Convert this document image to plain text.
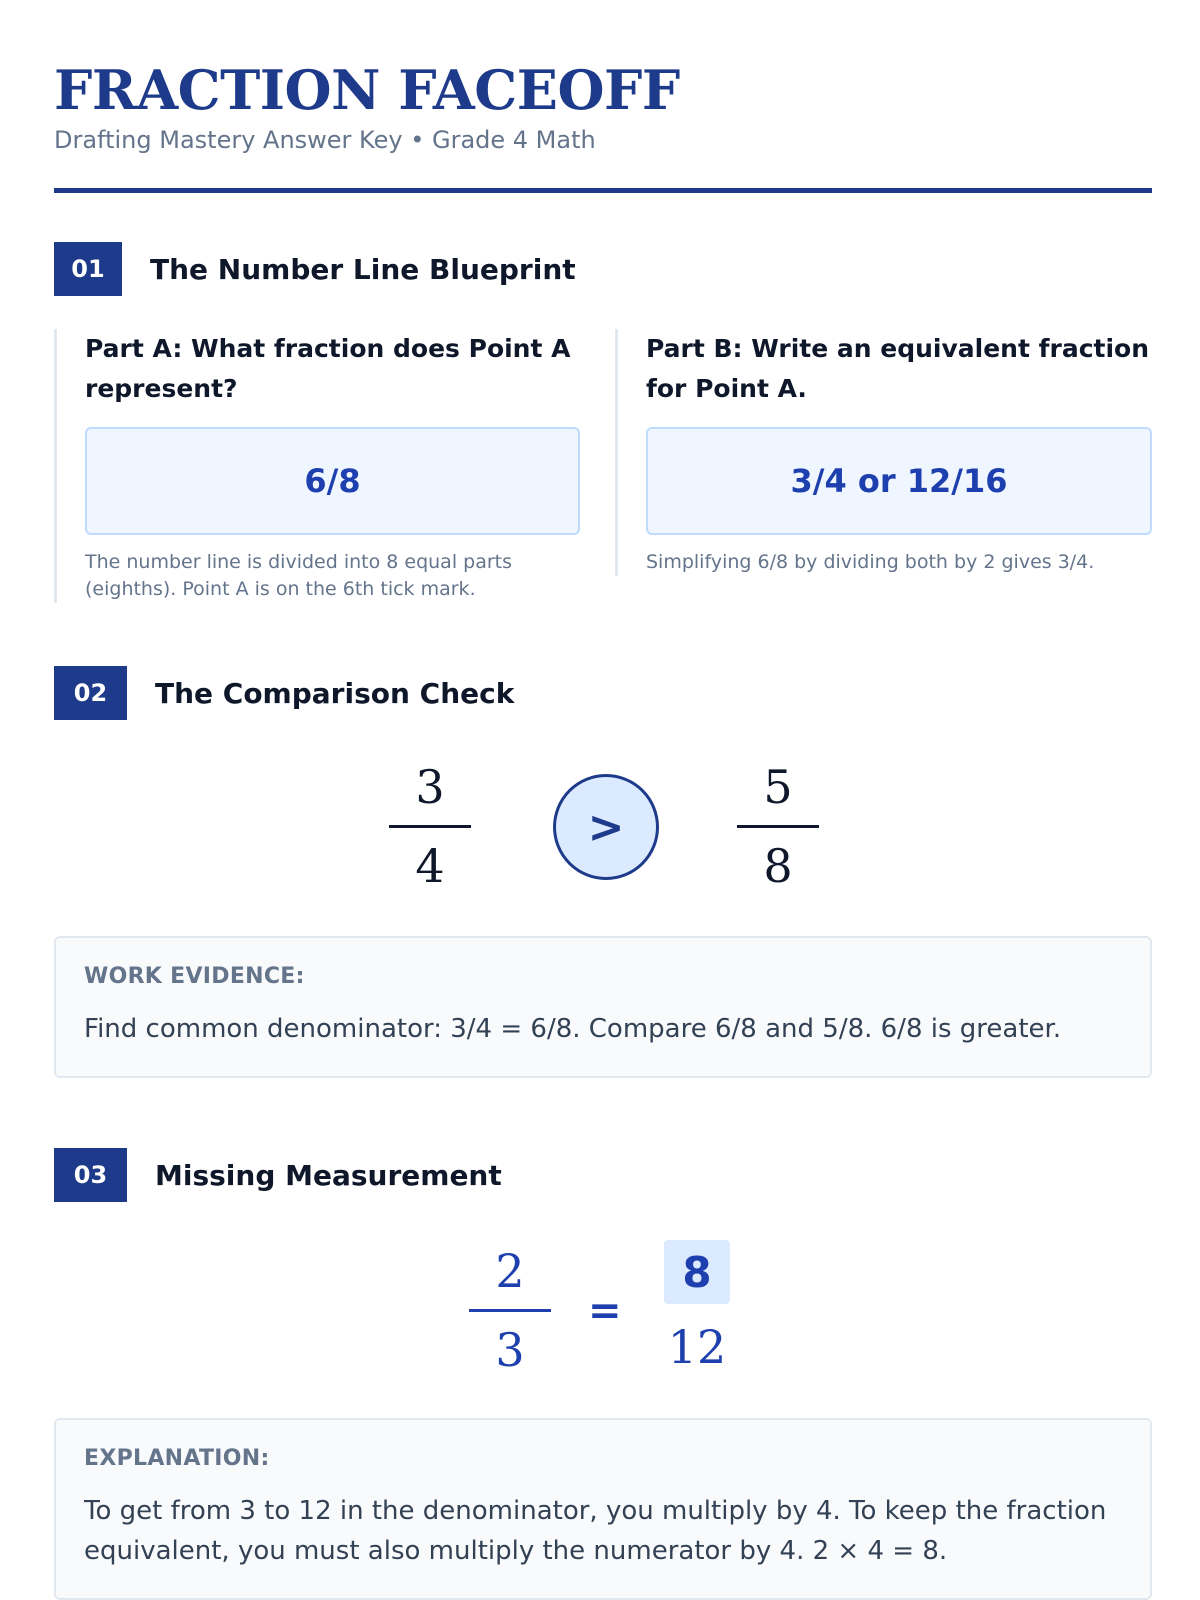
FRACTION FACEOFF
Drafting Mastery Answer Key • Grade 4 Math
01	The Number Line Blueprint
Part A: What fraction does Point A represent?
6/8
The number line is divided into 8 equal parts (eighths). Point A is on the 6th tick mark.
Part B: Write an equivalent fraction for Point A.
3/4 or 12/16
Simplifying 6/8 by dividing both by 2 gives 3/4.
02	The Comparison Check
3
4
>
5
8
WORK EVIDENCE:
Find common denominator: 3/4 = 6/8. Compare 6/8 and 5/8. 6/8 is greater.
03	Missing Measurement
2
3
=
8
12
EXPLANATION:
To get from 3 to 12 in the denominator, you multiply by 4. To keep the fraction equivalent, you must also multiply the numerator by 4. 2 × 4 = 8.
